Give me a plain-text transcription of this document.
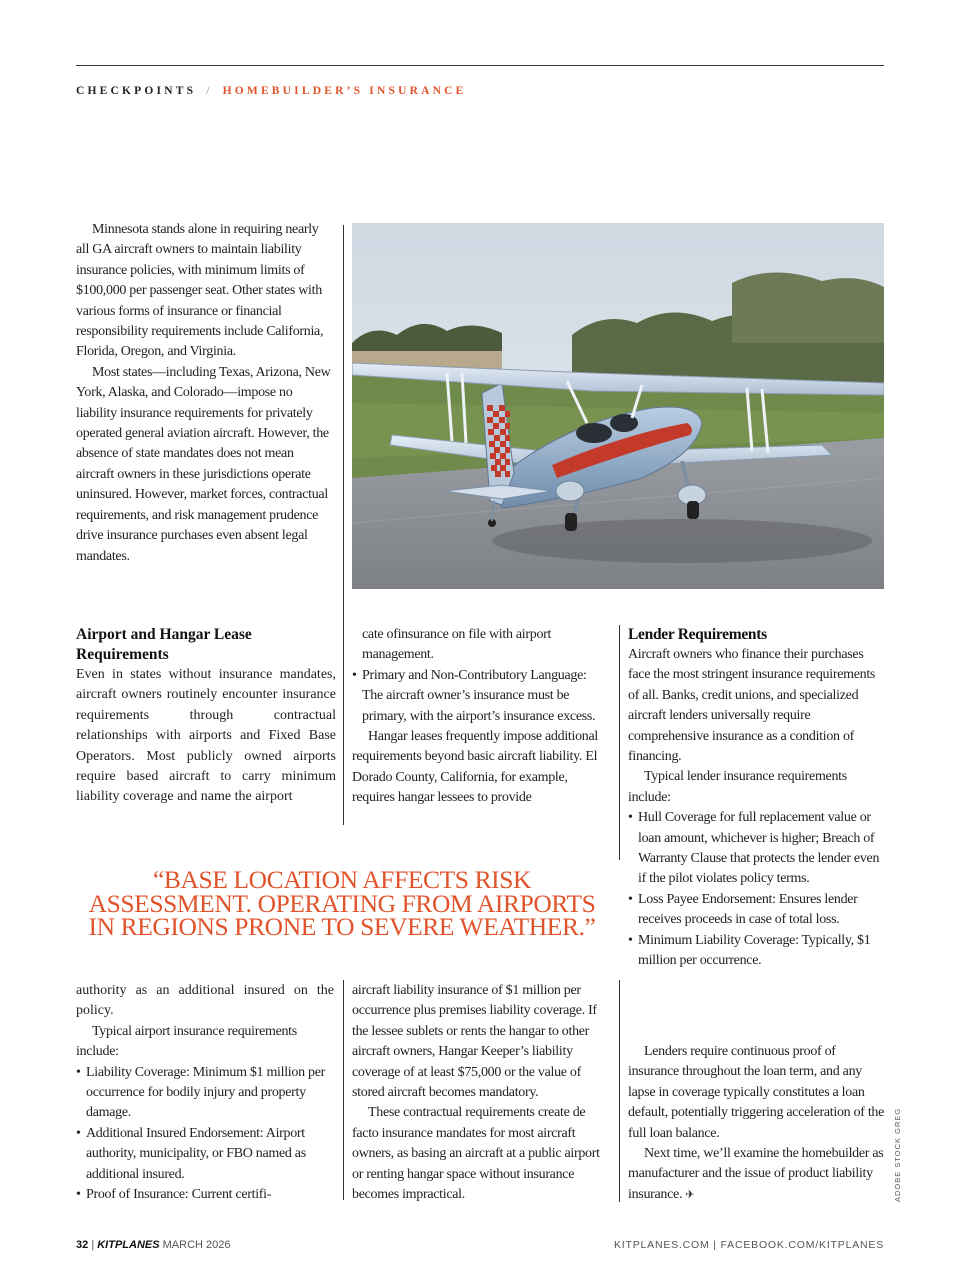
CHECKPOINTS / HOMEBUILDER’S INSURANCE

Minnesota stands alone in requiring nearly all GA aircraft owners to maintain liability insurance policies, with minimum limits of $100,000 per passenger seat. Other states with various forms of insurance or financial responsibility requirements include California, Florida, Oregon, and Virginia.

Most states—including Texas, Arizona, New York, Alaska, and Colorado—impose no liability insurance requirements for privately operated general aviation aircraft. However, the absence of state mandates does not mean aircraft owners in these jurisdictions operate uninsured. However, market forces, contractual requirements, and risk management prudence drive insurance purchases even absent legal mandates.

ADOBE STOCK GREG
Airport and Hangar Lease
Requirements

Even in states without insurance mandates, aircraft owners routinely encounter insurance requirements through contractual relationships with airports and Fixed Base Operators. Most publicly owned airports require based aircraft to carry minimum liability coverage and name the airport

cate ofinsurance on file with airport management.

• Primary and Non-Contributory Language: The aircraft owner’s insurance must be primary, with the airport’s insurance excess.

Hangar leases frequently impose additional requirements beyond basic aircraft liability. El Dorado County, California, for example, requires hangar lessees to provide

Lender Requirements

Aircraft owners who finance their purchases face the most stringent insurance requirements of all. Banks, credit unions, and specialized aircraft lenders universally require comprehensive insurance as a condition of financing.

Typical lender insurance requirements include:

• Hull Coverage for full replacement value or loan amount, whichever is higher; Breach of Warranty Clause that protects the lender even if the pilot violates policy terms.
• Loss Payee Endorsement: Ensures lender receives proceeds in case of total loss.
• Minimum Liability Coverage: Typically, $1 million per occurrence.
“BASE LOCATION AFFECTS RISK ASSESSMENT. OPERATING FROM AIRPORTS IN REGIONS PRONE TO SEVERE WEATHER.”

authority as an additional insured on the policy.

Typical airport insurance requirements include:

• Liability Coverage: Minimum $1 million per occurrence for bodily injury and property damage.
• Additional Insured Endorsement: Airport authority, municipality, or FBO named as additional insured.
• Proof of Insurance: Current certifi-

aircraft liability insurance of $1 million per occurrence plus premises liability coverage. If the lessee sublets or rents the hangar to other aircraft owners, Hangar Keeper’s liability coverage of at least $75,000 or the value of stored aircraft becomes mandatory.

These contractual requirements create de facto insurance mandates for most aircraft owners, as basing an aircraft at a public airport or renting hangar space without insurance becomes impractical.

Lenders require continuous proof of insurance throughout the loan term, and any lapse in coverage typically constitutes a loan default, potentially triggering acceleration of the full loan balance.

Next time, we’ll examine the homebuilder as manufacturer and the issue of product liability insurance. ✈

32 | KITPLANES MARCH 2026	KITPLANES.COM | FACEBOOK.COM/KITPLANES
